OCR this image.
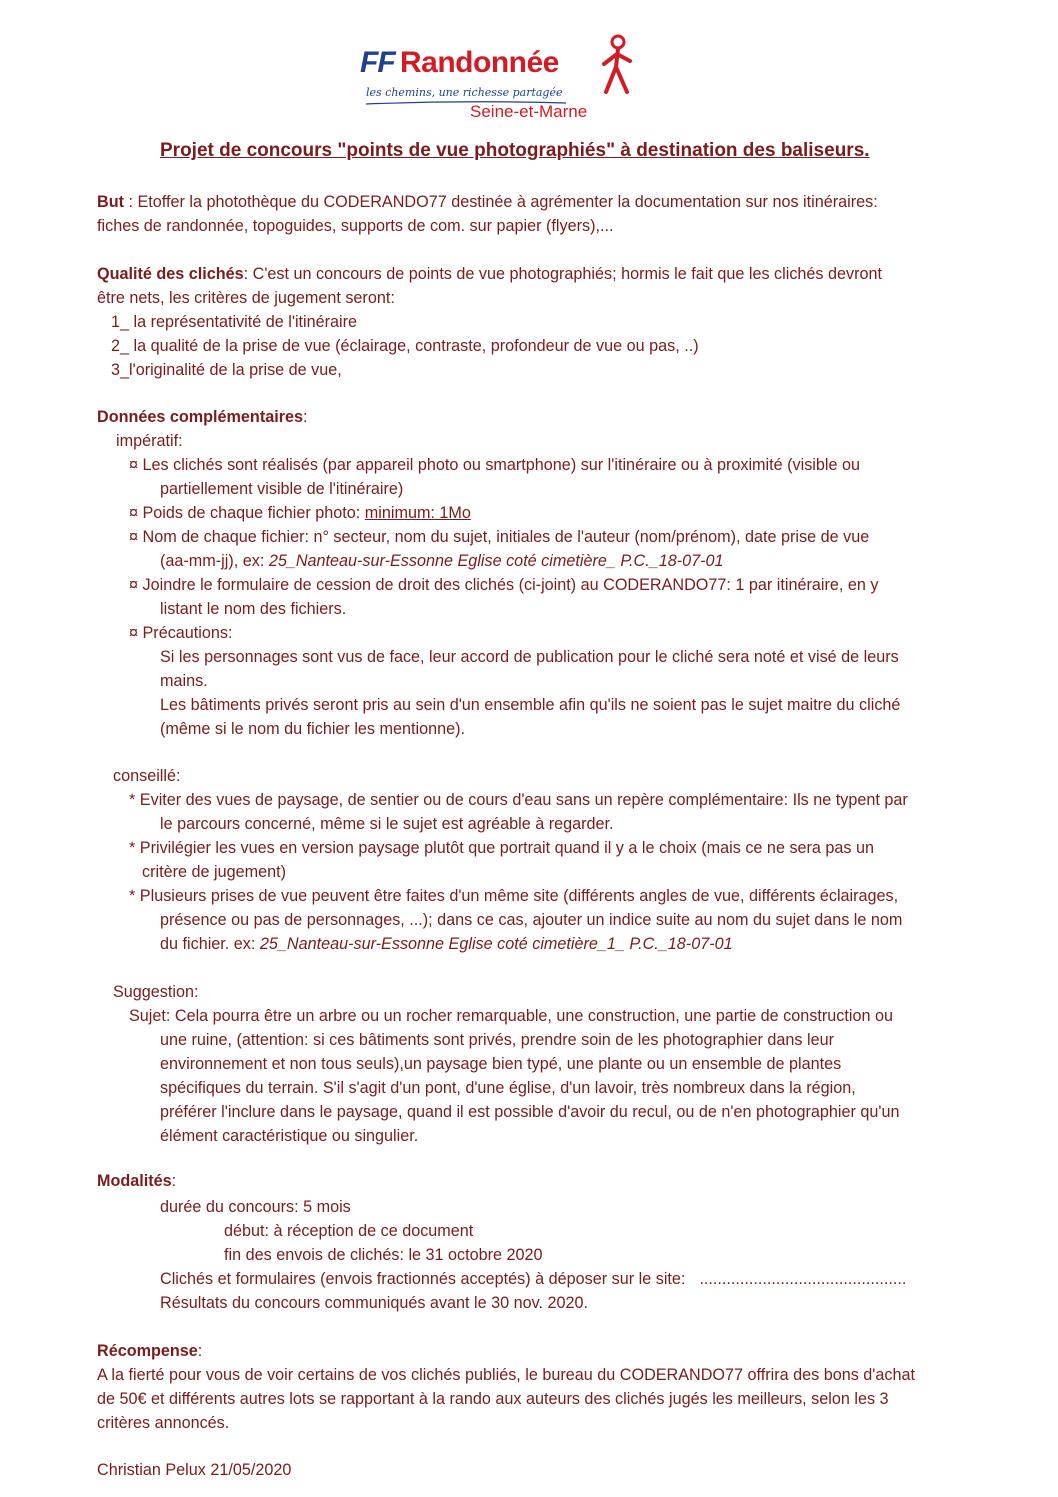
FF Randonnée
les chemins, une richesse partagée
Seine-et-Marne
Projet de concours "points de vue photographiés" à destination des baliseurs.
But : Etoffer la photothèque du CODERANDO77 destinée à agrémenter la documentation sur nos itinéraires:
fiches de randonnée, topoguides, supports de com. sur papier (flyers),...
Qualité des clichés: C'est un concours de points de vue photographiés; hormis le fait que les clichés devront
être nets, les critères de jugement seront:
1_ la représentativité de l'itinéraire
2_ la qualité de la prise de vue (éclairage, contraste, profondeur de vue ou pas, ..)
3_l'originalité de la prise de vue,
Données complémentaires:
impératif:
¤ Les clichés sont réalisés (par appareil photo ou smartphone) sur l'itinéraire ou à proximité (visible ou
partiellement visible de l'itinéraire)
¤ Poids de chaque fichier photo: minimum: 1Mo
¤ Nom de chaque fichier: n° secteur, nom du sujet, initiales de l'auteur (nom/prénom), date prise de vue
(aa-mm-jj), ex: 25_Nanteau-sur-Essonne Eglise coté cimetière_ P.C._18-07-01
¤ Joindre le formulaire de cession de droit des clichés (ci-joint) au CODERANDO77: 1 par itinéraire, en y
listant le nom des fichiers.
¤ Précautions:
Si les personnages sont vus de face, leur accord de publication pour le cliché sera noté et visé de leurs
mains.
Les bâtiments privés seront pris au sein d'un ensemble afin qu'ils ne soient pas le sujet maitre du cliché
(même si le nom du fichier les mentionne).
conseillé:
* Eviter des vues de paysage, de sentier ou de cours d'eau sans un repère complémentaire: Ils ne typent par
le parcours concerné, même si le sujet est agréable à regarder.
* Privilégier les vues en version paysage plutôt que portrait quand il y a le choix (mais ce ne sera pas un
critère de jugement)
* Plusieurs prises de vue peuvent être faites d'un même site (différents angles de vue, différents éclairages,
présence ou pas de personnages, ...); dans ce cas, ajouter un indice suite au nom du sujet dans le nom
du fichier. ex: 25_Nanteau-sur-Essonne Eglise coté cimetière_1_ P.C._18-07-01
Suggestion:
Sujet: Cela pourra être un arbre ou un rocher remarquable, une construction, une partie de construction ou
une ruine, (attention: si ces bâtiments sont privés, prendre soin de les photographier dans leur
environnement et non tous seuls),un paysage bien typé, une plante ou un ensemble de plantes
spécifiques du terrain. S'il s'agit d'un pont, d'une église, d'un lavoir, très nombreux dans la région,
préférer l'inclure dans le paysage, quand il est possible d'avoir du recul, ou de n'en photographier qu'un
élément caractéristique ou singulier.
Modalités:
durée du concours: 5 mois
début: à réception de ce document
fin des envois de clichés: le 31 octobre 2020
Clichés et formulaires (envois fractionnés acceptés) à déposer sur le site: ..............................................
Résultats du concours communiqués avant le 30 nov. 2020.
Récompense:
A la fierté pour vous de voir certains de vos clichés publiés, le bureau du CODERANDO77 offrira des bons d'achat
de 50€ et différents autres lots se rapportant à la rando aux auteurs des clichés jugés les meilleurs, selon les 3
critères annoncés.
Christian Pelux 21/05/2020
